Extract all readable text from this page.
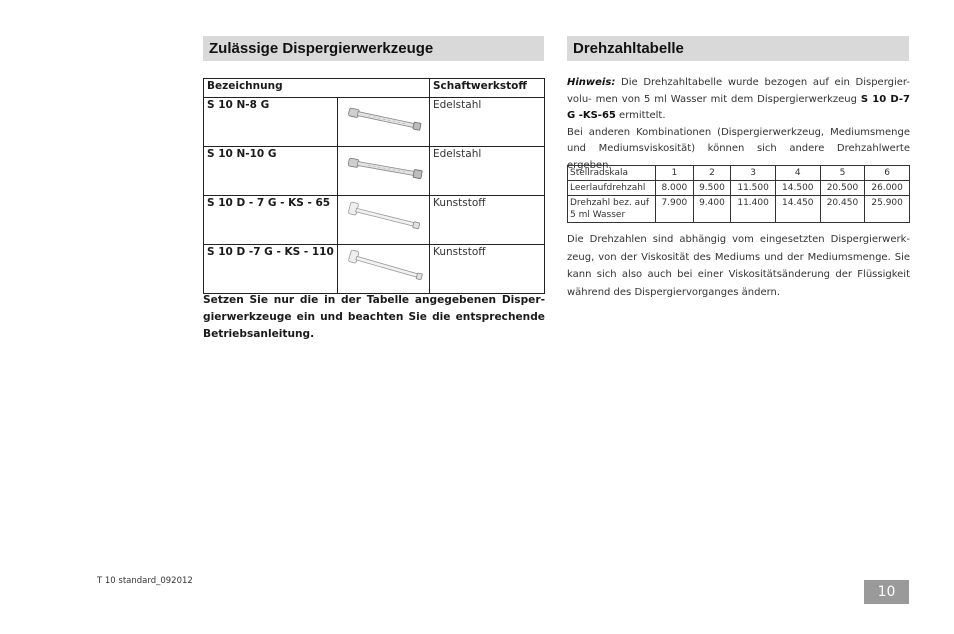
Zulässige Dispergierwerkzeuge
Bezeichnung		Schaftwerkstoff
S 10 N-8 G		Edelstahl
S 10 N-10 G		Edelstahl
S 10 D - 7 G - KS - 65		Kunststoff
S 10 D -7 G - KS - 110		Kunststoff
Setzen Sie nur die in der Tabelle angegebenen Disper- gierwerkzeuge ein und beachten Sie die entsprechende Betriebsanleitung.
Drehzahltabelle
Hinweis: Die Drehzahltabelle wurde bezogen auf ein Dispergier-volu- men von 5 ml Wasser mit dem Dispergierwerkzeug S 10 D-7 G -KS-65 ermittelt.
Bei anderen Kombinationen (Dispergierwerkzeug, Mediumsmenge und Mediumsviskosität) können sich andere Drehzahlwerte ergeben.
Stellradskala	1	2	3	4	5	6
Leerlaufdrehzahl	8.000	9.500	11.500	14.500	20.500	26.000
Drehzahl bez. auf
5 ml Wasser	7.900	9.400	11.400	14.450	20.450	25.900
Die Drehzahlen sind abhängig vom eingesetzten Dispergierwerk- zeug, von der Viskosität des Mediums und der Mediumsmenge. Sie kann sich also auch bei einer Viskositätsänderung der Flüssigkeit während des Dispergiervorganges ändern.
T 10 standard_092012
10
